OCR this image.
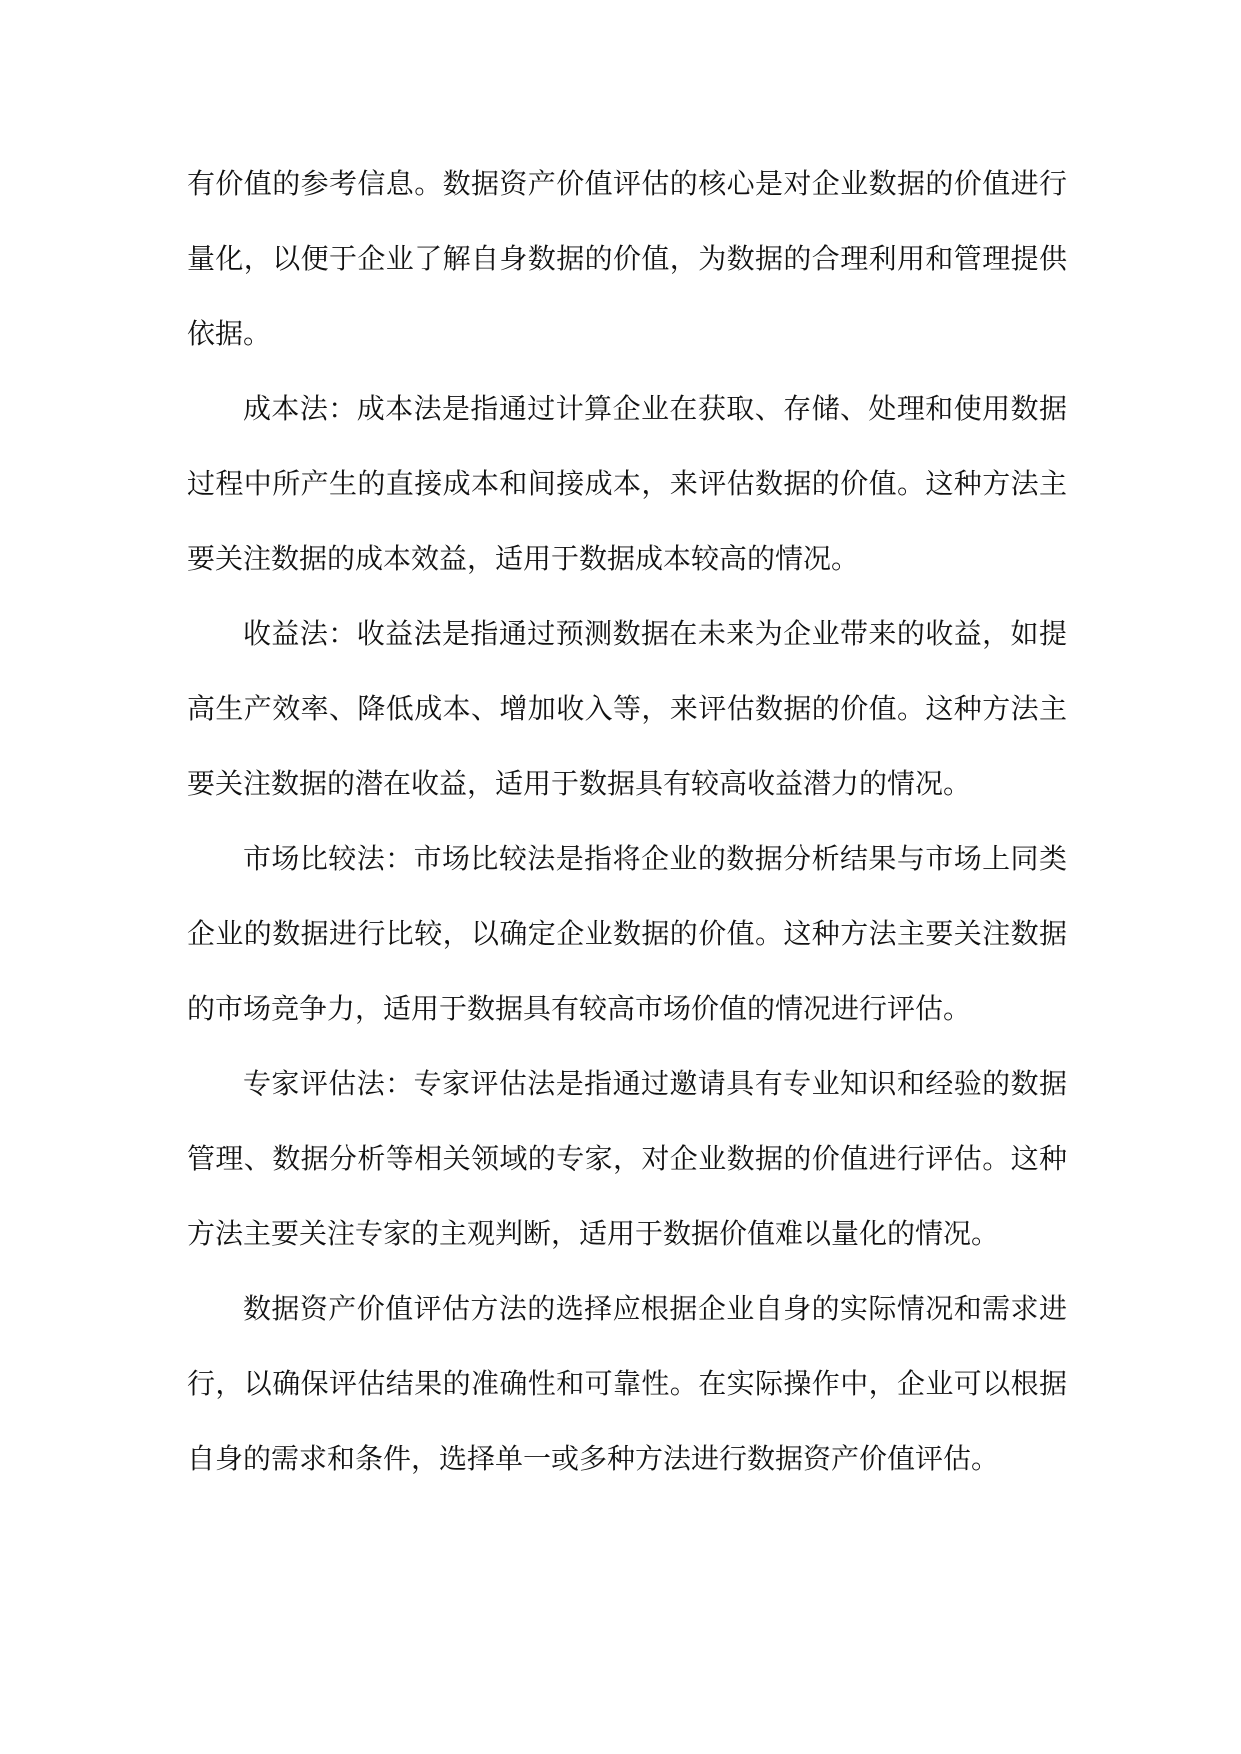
有价值的参考信息。数据资产价值评估的核心是对企业数据的价值进行量化，以便于企业了解自身数据的价值，为数据的合理利用和管理提供依据。

成本法：成本法是指通过计算企业在获取、存储、处理和使用数据过程中所产生的直接成本和间接成本，来评估数据的价值。这种方法主要关注数据的成本效益，适用于数据成本较高的情况。

收益法：收益法是指通过预测数据在未来为企业带来的收益，如提高生产效率、降低成本、增加收入等，来评估数据的价值。这种方法主要关注数据的潜在收益，适用于数据具有较高收益潜力的情况。

市场比较法：市场比较法是指将企业的数据分析结果与市场上同类企业的数据进行比较，以确定企业数据的价值。这种方法主要关注数据的市场竞争力，适用于数据具有较高市场价值的情况进行评估。

专家评估法：专家评估法是指通过邀请具有专业知识和经验的数据管理、数据分析等相关领域的专家，对企业数据的价值进行评估。这种方法主要关注专家的主观判断，适用于数据价值难以量化的情况。

数据资产价值评估方法的选择应根据企业自身的实际情况和需求进行，以确保评估结果的准确性和可靠性。在实际操作中，企业可以根据自身的需求和条件，选择单一或多种方法进行数据资产价值评估。
